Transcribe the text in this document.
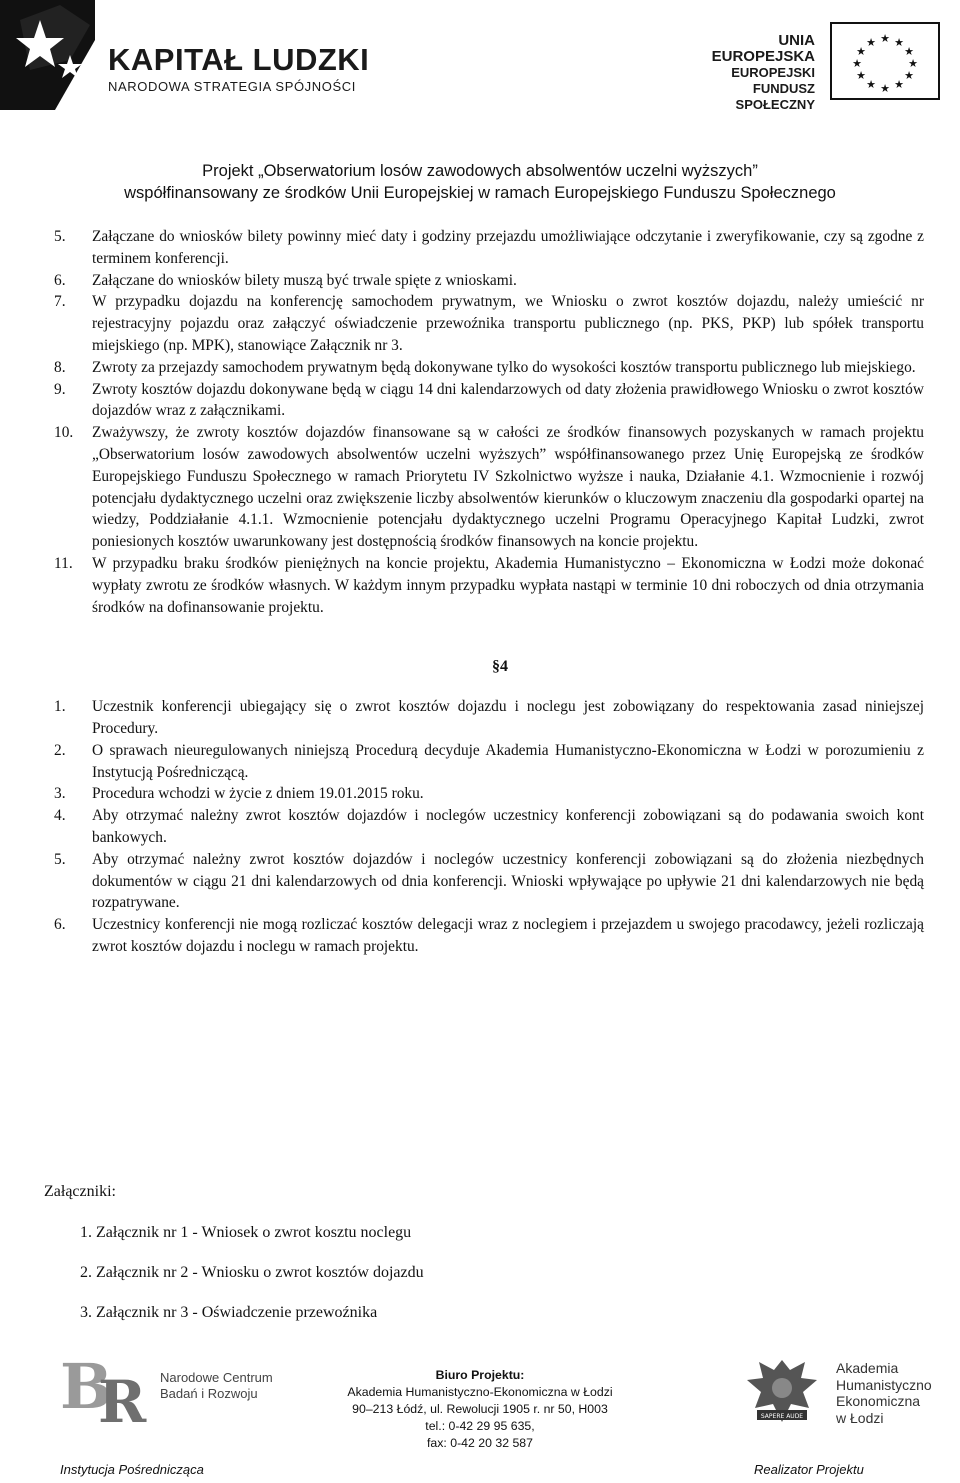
KAPITAŁ LUDZKI
NARODOWA STRATEGIA SPÓJNOŚCI
UNIA EUROPEJSKA
EUROPEJSKI
FUNDUSZ SPOŁECZNY
★ ★
★
★
★
★
★
★
★
★
★
★
Projekt „Obserwatorium losów zawodowych absolwentów uczelni wyższych”
współfinansowany ze środków Unii Europejskiej w ramach Europejskiego Funduszu Społecznego
5. Załączane do wniosków bilety powinny mieć daty i godziny przejazdu umożliwiające odczytanie i zweryfikowanie, czy są zgodne z terminem konferencji.
6. Załączane do wniosków bilety muszą być trwale spięte z wnioskami.
7. W przypadku dojazdu na konferencję samochodem prywatnym, we Wniosku o zwrot kosztów dojazdu, należy umieścić nr rejestracyjny pojazdu oraz załączyć oświadczenie przewoźnika transportu publicznego (np. PKS, PKP) lub spółek transportu miejskiego (np. MPK), stanowiące Załącznik nr 3.
8. Zwroty za przejazdy samochodem prywatnym będą dokonywane tylko do wysokości kosztów transportu publicznego lub miejskiego.
9. Zwroty kosztów dojazdu dokonywane będą w ciągu 14 dni kalendarzowych od daty złożenia prawidłowego Wniosku o zwrot kosztów dojazdów wraz z załącznikami.
10. Zważywszy, że zwroty kosztów dojazdów finansowane są w całości ze środków finansowych pozyskanych w ramach projektu „Obserwatorium losów zawodowych absolwentów uczelni wyższych” współfinansowanego przez Unię Europejską ze środków Europejskiego Funduszu Społecznego w ramach Priorytetu IV Szkolnictwo wyższe i nauka, Działanie 4.1. Wzmocnienie i rozwój potencjału dydaktycznego uczelni oraz zwiększenie liczby absolwentów kierunków o kluczowym znaczeniu dla gospodarki opartej na wiedzy, Poddziałanie 4.1.1. Wzmocnienie potencjału dydaktycznego uczelni Programu Operacyjnego Kapitał Ludzki, zwrot poniesionych kosztów uwarunkowany jest dostępnością środków finansowych na koncie projektu.
11. W przypadku braku środków pieniężnych na koncie projektu, Akademia Humanistyczno – Ekonomiczna w Łodzi może dokonać wypłaty zwrotu ze środków własnych. W każdym innym przypadku wypłata nastąpi w terminie 10 dni roboczych od dnia otrzymania środków na dofinansowanie projektu.
§4
1. Uczestnik konferencji ubiegający się o zwrot kosztów dojazdu i noclegu jest zobowiązany do respektowania zasad niniejszej Procedury.
2. O sprawach nieuregulowanych niniejszą Procedurą decyduje Akademia Humanistyczno-Ekonomiczna w Łodzi w porozumieniu z Instytucją Pośredniczącą.
3. Procedura wchodzi w życie z dniem 19.01.2015 roku.
4. Aby otrzymać należny zwrot kosztów dojazdów i noclegów uczestnicy konferencji zobowiązani są do podawania swoich kont bankowych.
5. Aby otrzymać należny zwrot kosztów dojazdów i noclegów uczestnicy konferencji zobowiązani są do złożenia niezbędnych dokumentów w ciągu 21 dni kalendarzowych od dnia konferencji. Wnioski wpływające po upływie 21 dni kalendarzowych nie będą rozpatrywane.
6. Uczestnicy konferencji nie mogą rozliczać kosztów delegacji wraz z noclegiem i przejazdem u swojego pracodawcy, jeżeli rozliczają zwrot kosztów dojazdu i noclegu w ramach projektu.
Załączniki:
1. Załącznik nr 1 - Wniosek o zwrot kosztu noclegu
2. Załącznik nr 2 - Wniosku o zwrot kosztów dojazdu
3. Załącznik nr 3 - Oświadczenie przewoźnika
B
R Narodowe Centrum
Badań i Rozwoju
Biuro Projektu:
Akademia Humanistyczno-Ekonomiczna w Łodzi
90–213 Łódź, ul. Rewolucji 1905 r. nr 50, H003
tel.: 0-42 29 95 635,
fax: 0-42 20 32 587
SAPERE AUDE
Akademia
Humanistyczno
Ekonomiczna
w Łodzi
Instytucja Pośrednicząca	Realizator Projektu
